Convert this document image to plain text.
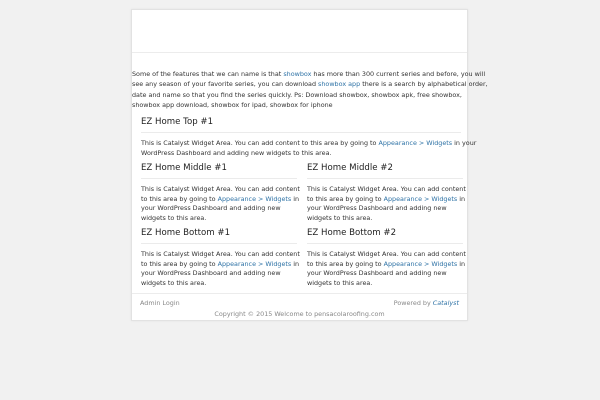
Some of the features that we can name is that showbox has more than 300 current series and before, you will
see any season of your favorite series, you can download showbox app there is a search by alphabetical order,
date and name so that you find the series quickly. Ps: Download showbox, showbox apk, free showbox,
showbox app download, showbox for ipad, showbox for iphone
EZ Home Top #1
This is Catalyst Widget Area. You can add content to this area by going to Appearance > Widgets in your
WordPress Dashboard and adding new widgets to this area.
EZ Home Middle #1
This is Catalyst Widget Area. You can add content
to this area by going to Appearance > Widgets in
your WordPress Dashboard and adding new
widgets to this area.
EZ Home Middle #2
This is Catalyst Widget Area. You can add content
to this area by going to Appearance > Widgets in
your WordPress Dashboard and adding new
widgets to this area.
EZ Home Bottom #1
This is Catalyst Widget Area. You can add content
to this area by going to Appearance > Widgets in
your WordPress Dashboard and adding new
widgets to this area.
EZ Home Bottom #2
This is Catalyst Widget Area. You can add content
to this area by going to Appearance > Widgets in
your WordPress Dashboard and adding new
widgets to this area.
Admin Login	Powered by Catalyst
Copyright © 2015 Welcome to pensacolaroofing.com
